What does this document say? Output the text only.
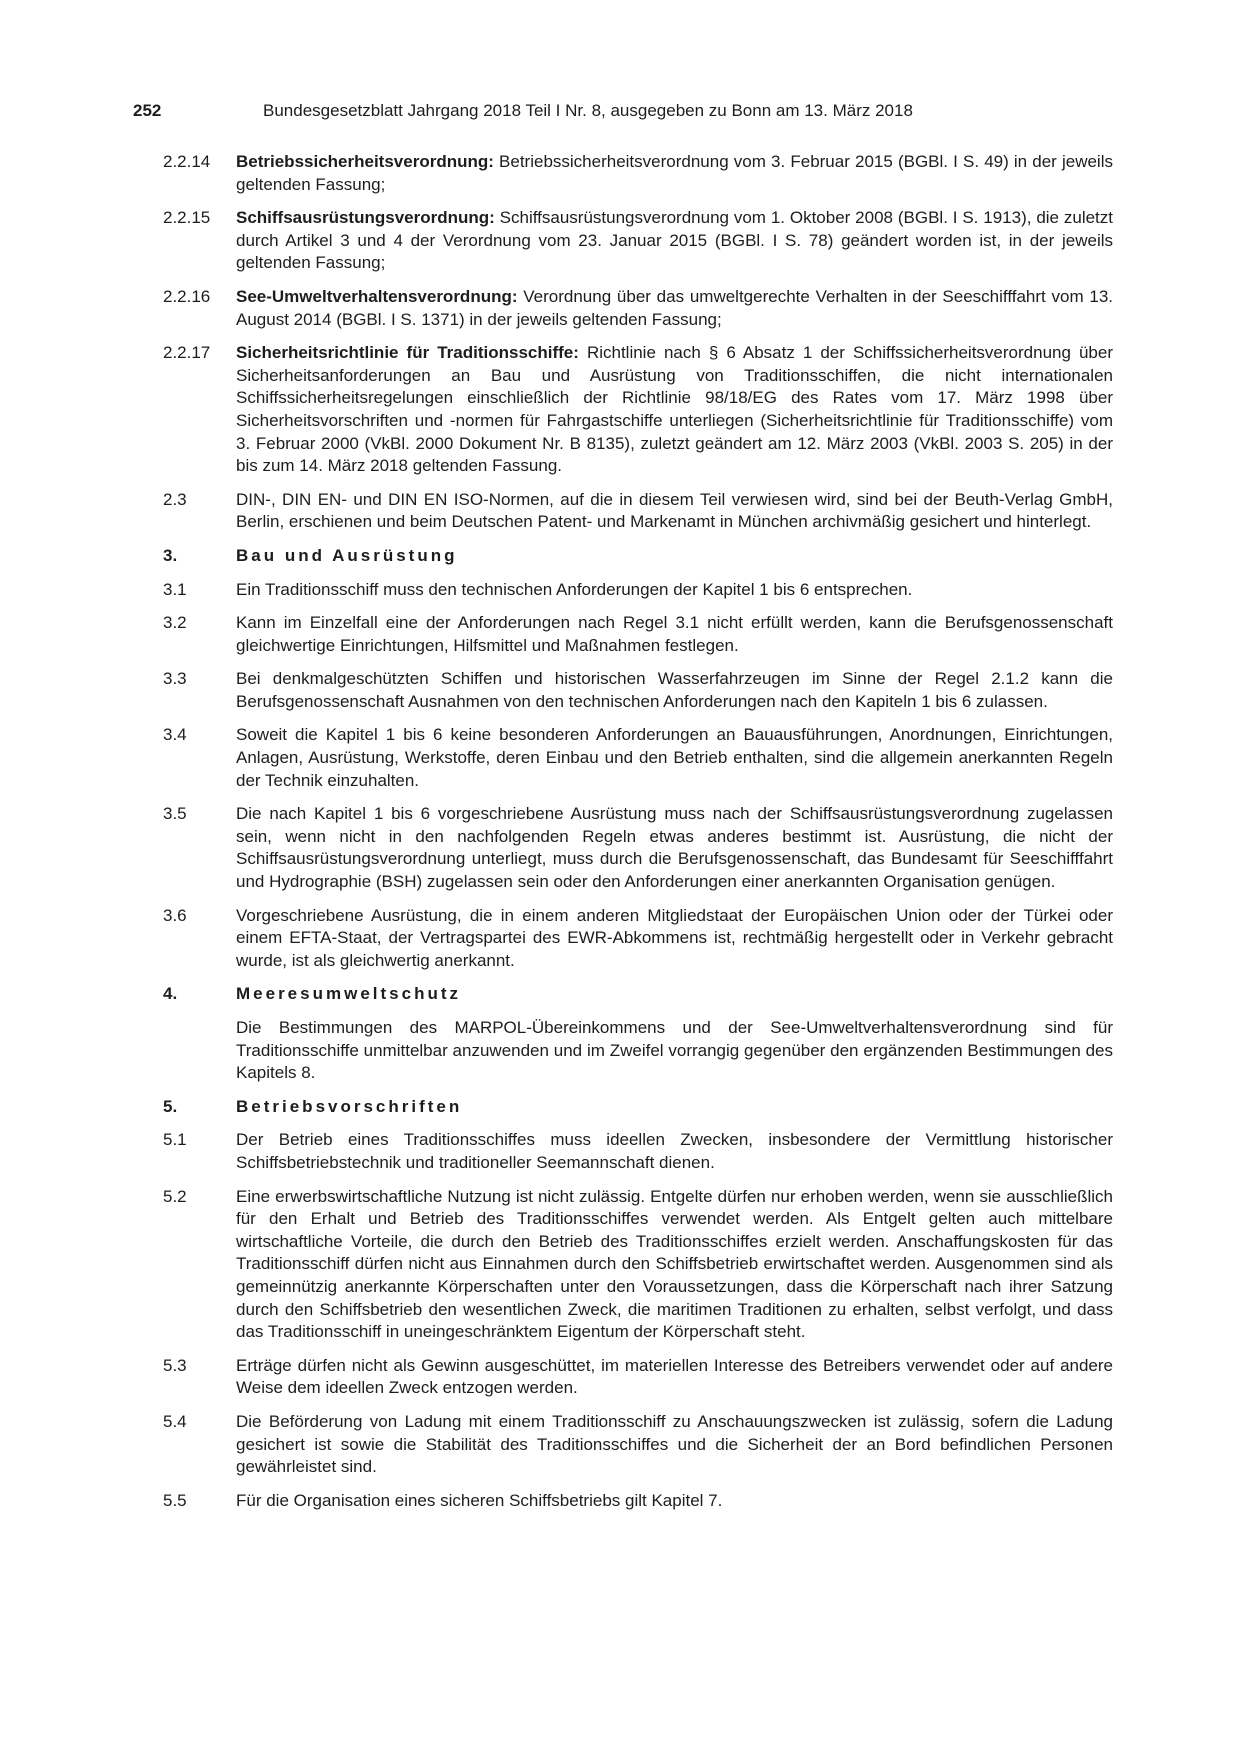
252	Bundesgesetzblatt Jahrgang 2018 Teil I Nr. 8, ausgegeben zu Bonn am 13. März 2018
2.2.14	Betriebssicherheitsverordnung: Betriebssicherheitsverordnung vom 3. Februar 2015 (BGBl. I S. 49) in der jeweils geltenden Fassung;
2.2.15	Schiffsausrüstungsverordnung: Schiffsausrüstungsverordnung vom 1. Oktober 2008 (BGBl. I S. 1913), die zuletzt durch Artikel 3 und 4 der Verordnung vom 23. Januar 2015 (BGBl. I S. 78) geändert worden ist, in der jeweils geltenden Fassung;
2.2.16	See-Umweltverhaltensverordnung: Verordnung über das umweltgerechte Verhalten in der Seeschifffahrt vom 13. August 2014 (BGBl. I S. 1371) in der jeweils geltenden Fassung;
2.2.17	Sicherheitsrichtlinie für Traditionsschiffe: Richtlinie nach § 6 Absatz 1 der Schiffssicherheitsverordnung über Sicherheitsanforderungen an Bau und Ausrüstung von Traditionsschiffen, die nicht internationalen Schiffssicherheitsregelungen einschließlich der Richtlinie 98/18/EG des Rates vom 17. März 1998 über Sicherheitsvorschriften und -normen für Fahrgastschiffe unterliegen (Sicherheitsrichtlinie für Traditionsschiffe) vom 3. Februar 2000 (VkBl. 2000 Dokument Nr. B 8135), zuletzt geändert am 12. März 2003 (VkBl. 2003 S. 205) in der bis zum 14. März 2018 geltenden Fassung.
2.3	DIN-, DIN EN- und DIN EN ISO-Normen, auf die in diesem Teil verwiesen wird, sind bei der Beuth-Verlag GmbH, Berlin, erschienen und beim Deutschen Patent- und Markenamt in München archivmäßig gesichert und hinterlegt.
3.	Bau und Ausrüstung
3.1	Ein Traditionsschiff muss den technischen Anforderungen der Kapitel 1 bis 6 entsprechen.
3.2	Kann im Einzelfall eine der Anforderungen nach Regel 3.1 nicht erfüllt werden, kann die Berufsgenossenschaft gleichwertige Einrichtungen, Hilfsmittel und Maßnahmen festlegen.
3.3	Bei denkmalgeschützten Schiffen und historischen Wasserfahrzeugen im Sinne der Regel 2.1.2 kann die Berufsgenossenschaft Ausnahmen von den technischen Anforderungen nach den Kapiteln 1 bis 6 zulassen.
3.4	Soweit die Kapitel 1 bis 6 keine besonderen Anforderungen an Bauausführungen, Anordnungen, Einrichtungen, Anlagen, Ausrüstung, Werkstoffe, deren Einbau und den Betrieb enthalten, sind die allgemein anerkannten Regeln der Technik einzuhalten.
3.5	Die nach Kapitel 1 bis 6 vorgeschriebene Ausrüstung muss nach der Schiffsausrüstungsverordnung zugelassen sein, wenn nicht in den nachfolgenden Regeln etwas anderes bestimmt ist. Ausrüstung, die nicht der Schiffsausrüstungsverordnung unterliegt, muss durch die Berufsgenossenschaft, das Bundesamt für Seeschifffahrt und Hydrographie (BSH) zugelassen sein oder den Anforderungen einer anerkannten Organisation genügen.
3.6	Vorgeschriebene Ausrüstung, die in einem anderen Mitgliedstaat der Europäischen Union oder der Türkei oder einem EFTA-Staat, der Vertragspartei des EWR-Abkommens ist, rechtmäßig hergestellt oder in Verkehr gebracht wurde, ist als gleichwertig anerkannt.
4.	Meeresumweltschutz
Die Bestimmungen des MARPOL-Übereinkommens und der See-Umweltverhaltensverordnung sind für Traditionsschiffe unmittelbar anzuwenden und im Zweifel vorrangig gegenüber den ergänzenden Bestimmungen des Kapitels 8.
5.	Betriebsvorschriften
5.1	Der Betrieb eines Traditionsschiffes muss ideellen Zwecken, insbesondere der Vermittlung historischer Schiffsbetriebstechnik und traditioneller Seemannschaft dienen.
5.2	Eine erwerbswirtschaftliche Nutzung ist nicht zulässig. Entgelte dürfen nur erhoben werden, wenn sie ausschließlich für den Erhalt und Betrieb des Traditionsschiffes verwendet werden. Als Entgelt gelten auch mittelbare wirtschaftliche Vorteile, die durch den Betrieb des Traditionsschiffes erzielt werden. Anschaffungskosten für das Traditionsschiff dürfen nicht aus Einnahmen durch den Schiffsbetrieb erwirtschaftet werden. Ausgenommen sind als gemeinnützig anerkannte Körperschaften unter den Voraussetzungen, dass die Körperschaft nach ihrer Satzung durch den Schiffsbetrieb den wesentlichen Zweck, die maritimen Traditionen zu erhalten, selbst verfolgt, und dass das Traditionsschiff in uneingeschränktem Eigentum der Körperschaft steht.
5.3	Erträge dürfen nicht als Gewinn ausgeschüttet, im materiellen Interesse des Betreibers verwendet oder auf andere Weise dem ideellen Zweck entzogen werden.
5.4	Die Beförderung von Ladung mit einem Traditionsschiff zu Anschauungszwecken ist zulässig, sofern die Ladung gesichert ist sowie die Stabilität des Traditionsschiffes und die Sicherheit der an Bord befindlichen Personen gewährleistet sind.
5.5	Für die Organisation eines sicheren Schiffsbetriebs gilt Kapitel 7.
